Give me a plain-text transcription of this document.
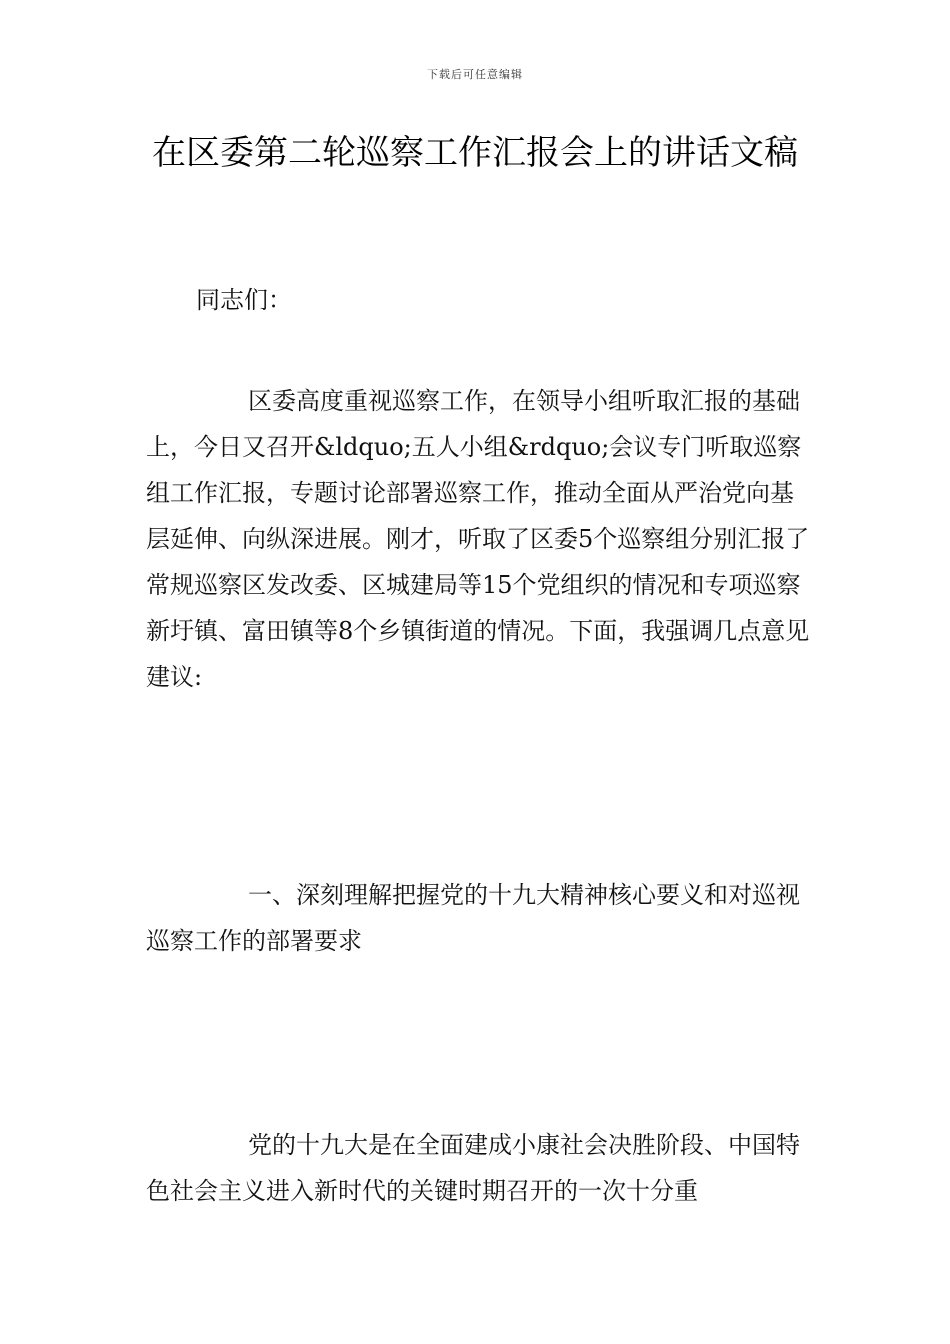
下载后可任意编辑
在区委第二轮巡察工作汇报会上的讲话文稿
同志们：

区委高度重视巡察工作，在领导小组听取汇报的基础上，今日又召开&ldquo;五人小组&rdquo;会议专门听取巡察组工作汇报，专题讨论部署巡察工作，推动全面从严治党向基层延伸、向纵深进展。刚才，听取了区委5个巡察组分别汇报了常规巡察区发改委、区城建局等15个党组织的情况和专项巡察新圩镇、富田镇等8个乡镇街道的情况。下面，我强调几点意见建议:

一、深刻理解把握党的十九大精神核心要义和对巡视巡察工作的部署要求

党的十九大是在全面建成小康社会决胜阶段、中国特色社会主义进入新时代的关键时期召开的一次十分重
